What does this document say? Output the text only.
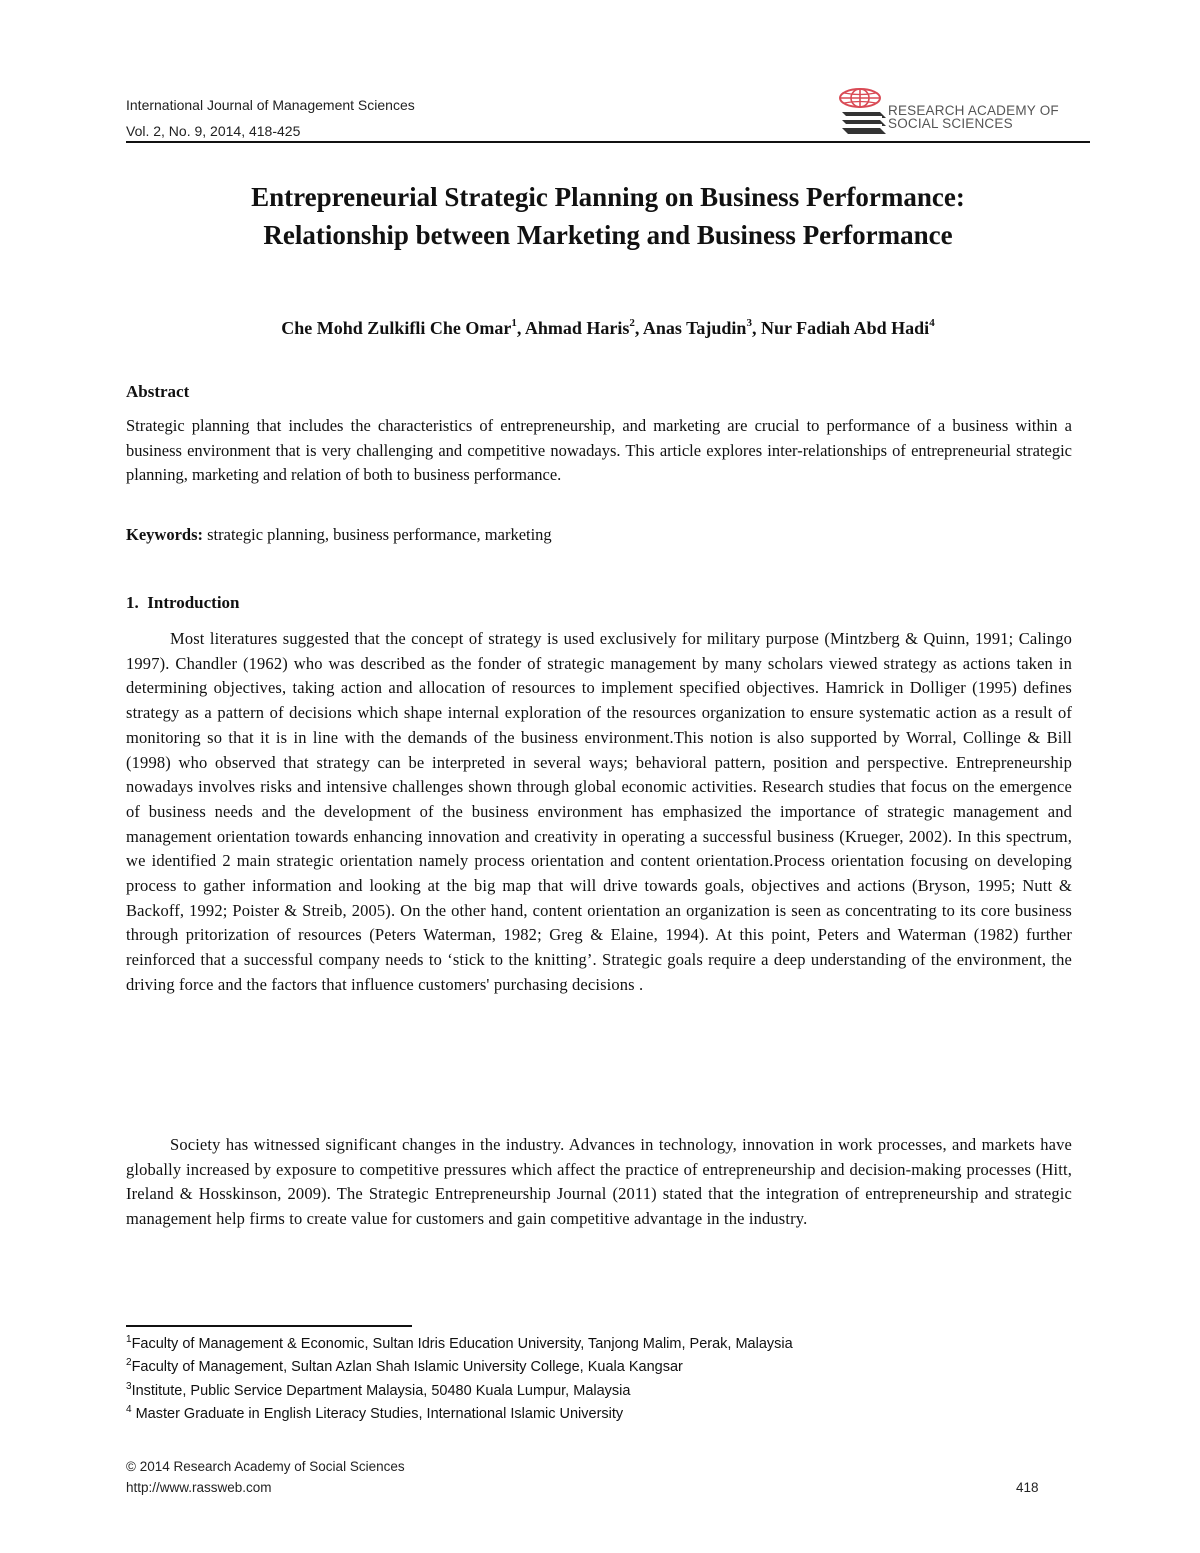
International Journal of Management Sciences
Vol. 2, No. 9, 2014, 418-425
RESEARCH ACADEMY OF
SOCIAL SCIENCES
Entrepreneurial Strategic Planning on Business Performance:
Relationship between Marketing and Business Performance
Che Mohd Zulkifli Che Omar$^1$, Ahmad Haris$^2$, Anas Tajudin$^3$, Nur Fadiah Abd Hadi$^4$
Abstract
Strategic planning that includes the characteristics of entrepreneurship, and marketing are crucial to performance of a business within a business environment that is very challenging and competitive nowadays. This article explores inter-relationships of entrepreneurial strategic planning, marketing and relation of both to business performance.
Keywords: strategic planning, business performance, marketing
1.  Introduction
Most literatures suggested that the concept of strategy is used exclusively for military purpose (Mintzberg & Quinn, 1991; Calingo 1997). Chandler (1962) who was described as the fonder of strategic management by many scholars viewed strategy as actions taken in determining objectives, taking action and allocation of resources to implement specified objectives. Hamrick in Dolliger (1995) defines strategy as a pattern of decisions which shape internal exploration of the resources organization to ensure systematic action as a result of monitoring so that it is in line with the demands of the business environment.This notion is also supported by Worral, Collinge & Bill (1998) who observed that strategy can be interpreted in several ways; behavioral pattern, position and perspective. Entrepreneurship nowadays involves risks and intensive challenges shown through global economic activities. Research studies that focus on the emergence of business needs and the development of the business environment has emphasized the importance of strategic management and management orientation towards enhancing innovation and creativity in operating a successful business (Krueger, 2002). In this spectrum, we identified 2 main strategic orientation namely process orientation and content orientation.Process orientation focusing on developing process to gather information and looking at the big map that will drive towards goals, objectives and actions (Bryson, 1995; Nutt & Backoff, 1992; Poister & Streib, 2005). On the other hand, content orientation an organization is seen as concentrating to its core business through pritorization of resources (Peters Waterman, 1982; Greg & Elaine, 1994). At this point, Peters and Waterman (1982) further reinforced that a successful company needs to ‘stick to the knitting’. Strategic goals require a deep understanding of the environment, the driving force and the factors that influence customers' purchasing decisions .
Society has witnessed significant changes in the industry. Advances in technology, innovation in work processes, and markets have globally increased by exposure to competitive pressures which affect the practice of entrepreneurship and decision-making processes (Hitt, Ireland & Hosskinson, 2009). The Strategic Entrepreneurship Journal (2011) stated that the integration of entrepreneurship and strategic management help firms to create value for customers and gain competitive advantage in the industry.
$^1$Faculty of Management & Economic, Sultan Idris Education University, Tanjong Malim, Perak, Malaysia
$^2$Faculty of Management, Sultan Azlan Shah Islamic University College, Kuala Kangsar
$^3$Institute, Public Service Department Malaysia, 50480 Kuala Lumpur, Malaysia
$^4$ Master Graduate in English Literacy Studies, International Islamic University
© 2014 Research Academy of Social Sciences
http://www.rassweb.com	418
